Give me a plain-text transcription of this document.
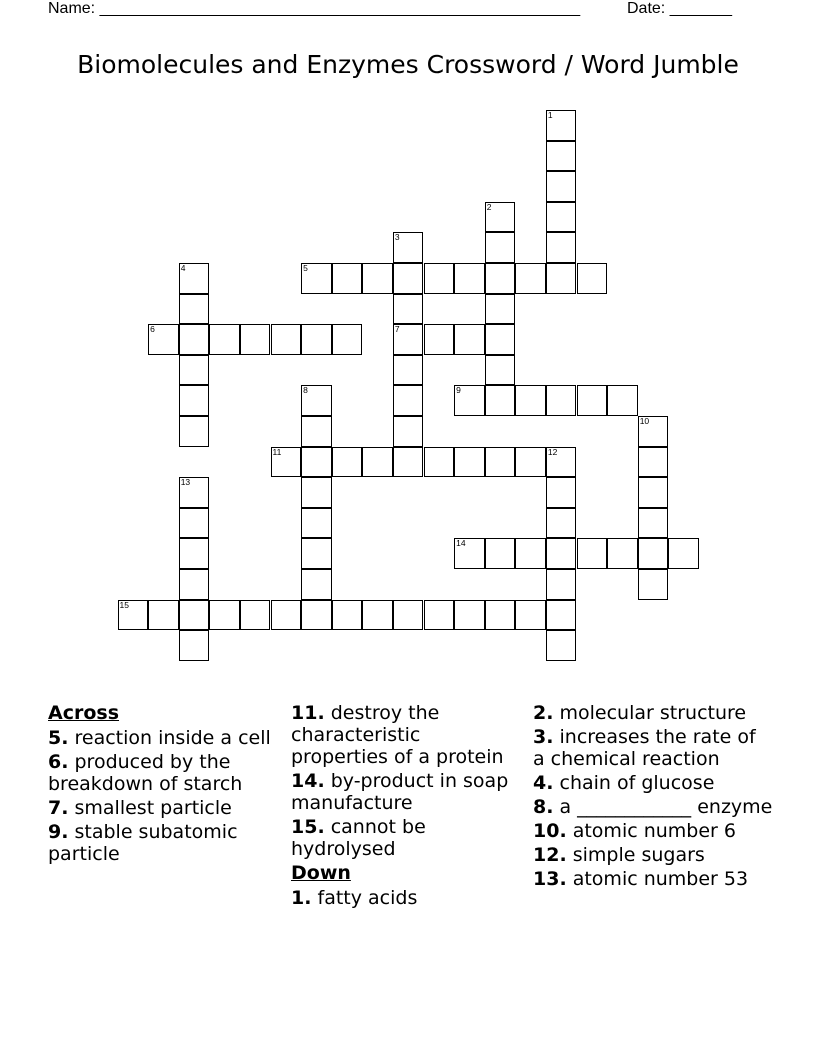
Name: ______________________________________________________	Date: _______
Biomolecules and Enzymes Crossword / Word Jumble
5
6	7
9
11	12
14
15
1
2
3
4
8
10
13
Across
5. reaction inside a cell
6. produced by the breakdown of starch
7. smallest particle
9. stable subatomic particle
11. destroy the characteristic properties of a protein
14. by-product in soap manufacture
15. cannot be hydrolysed
Down
1. fatty acids
2. molecular structure
3. increases the rate of a chemical reaction
4. chain of glucose
8. a ____________ enzyme
10. atomic number 6
12. simple sugars
13. atomic number 53
